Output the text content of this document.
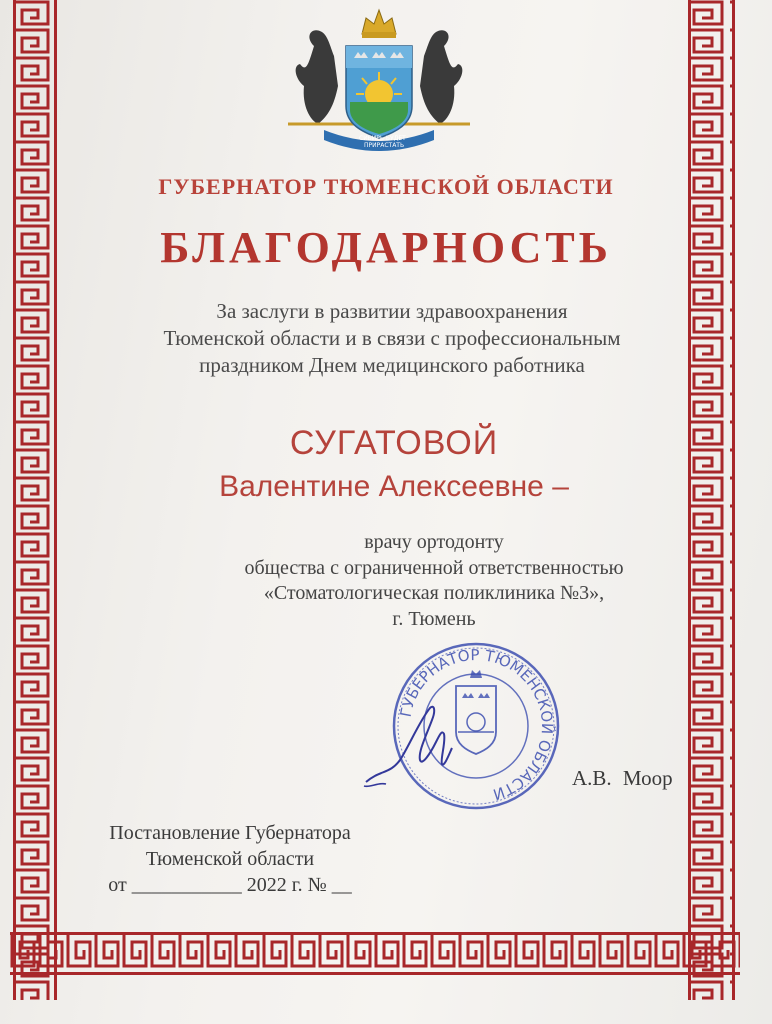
СИБИРЬ БУДЕТ
ПРИРАСТАТЬ
ГУБЕРНАТОР ТЮМЕНСКОЙ ОБЛАСТИ
БЛАГОДАРНОСТЬ
За заслуги в развитии здравоохранения
Тюменской области и в связи с профессиональным
праздником Днем медицинского работника
СУГАТОВОЙ
Валентине Алексеевне –
врачу ортодонту
общества с ограниченной ответственностью
«Стоматологическая поликлиника №3»,
г. Тюмень
ГУБЕРНАТОР ТЮМЕНСКОЙ ОБЛАСТИ
А.В. Моор
Постановление Губернатора
Тюменской области
от ___________ 2022 г. № __
